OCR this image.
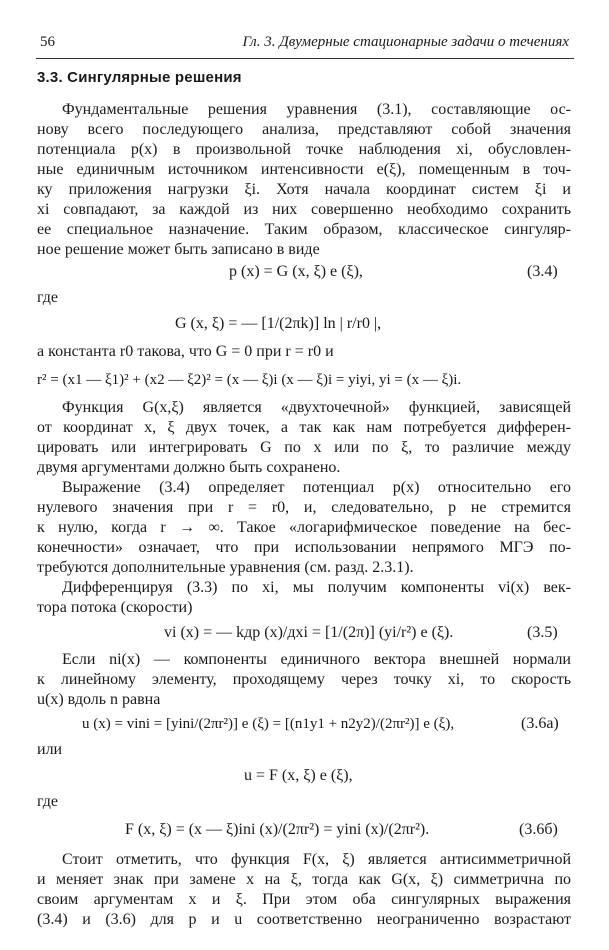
56	Гл. 3. Двумерные стационарные задачи о течениях
3.3. Сингулярные решения
Фундаментальные решения уравнения (3.1), составляющие ос-
нову всего последующего анализа, представляют собой значения
потенциала p(x) в произвольной точке наблюдения xi, обусловлен-
ные единичным источником интенсивности e(ξ), помещенным в точ-
ку приложения нагрузки ξi. Хотя начала координат систем ξi и
xi совпадают, за каждой из них совершенно необходимо сохранить
ее специальное назначение. Таким образом, классическое сингуляр-
ное решение может быть записано в виде
p (x) = G (x, ξ) e (ξ),	(3.4)
где
G (x, ξ) = — [1/(2πk)] ln | r/r0 |,
а константа r0 такова, что G = 0 при r = r0 и
r² = (x1 — ξ1)² + (x2 — ξ2)² = (x — ξ)i (x — ξ)i = yiyi, yi = (x — ξ)i.
Функция G(x,ξ) является «двухточечной» функцией, зависящей
от координат x, ξ двух точек, а так как нам потребуется дифферен-
цировать или интегрировать G по x или по ξ, то различие между
двумя аргументами должно быть сохранено.
Выражение (3.4) определяет потенциал p(x) относительно его
нулевого значения при r = r0, и, следовательно, p не стремится
к нулю, когда r → ∞. Такое «логарифмическое поведение на бес-
конечности» означает, что при использовании непрямого МГЭ по-
требуются дополнительные уравнения (см. разд. 2.3.1).
Дифференцируя (3.3) по xi, мы получим компоненты vi(x) век-
тора потока (скорости)
vi (x) = — kдp (x)/дxi = [1/(2π)] (yi/r²) e (ξ).	(3.5)
Если ni(x) — компоненты единичного вектора внешней нормали
к линейному элементу, проходящему через точку xi, то скорость
u(x) вдоль n равна
u (x) = vini = [yini/(2πr²)] e (ξ) = [(n1y1 + n2y2)/(2πr²)] e (ξ),	(3.6a)
или
u = F (x, ξ) e (ξ),
где
F (x, ξ) = (x — ξ)ini (x)/(2πr²) = yini (x)/(2πr²).	(3.6б)
Стоит отметить, что функция F(x, ξ) является антисимметричной
и меняет знак при замене x на ξ, тогда как G(x, ξ) симметрична по
своим аргументам x и ξ. При этом оба сингулярных выражения
(3.4) и (3.6) для p и u соответственно неограниченно возрастают
